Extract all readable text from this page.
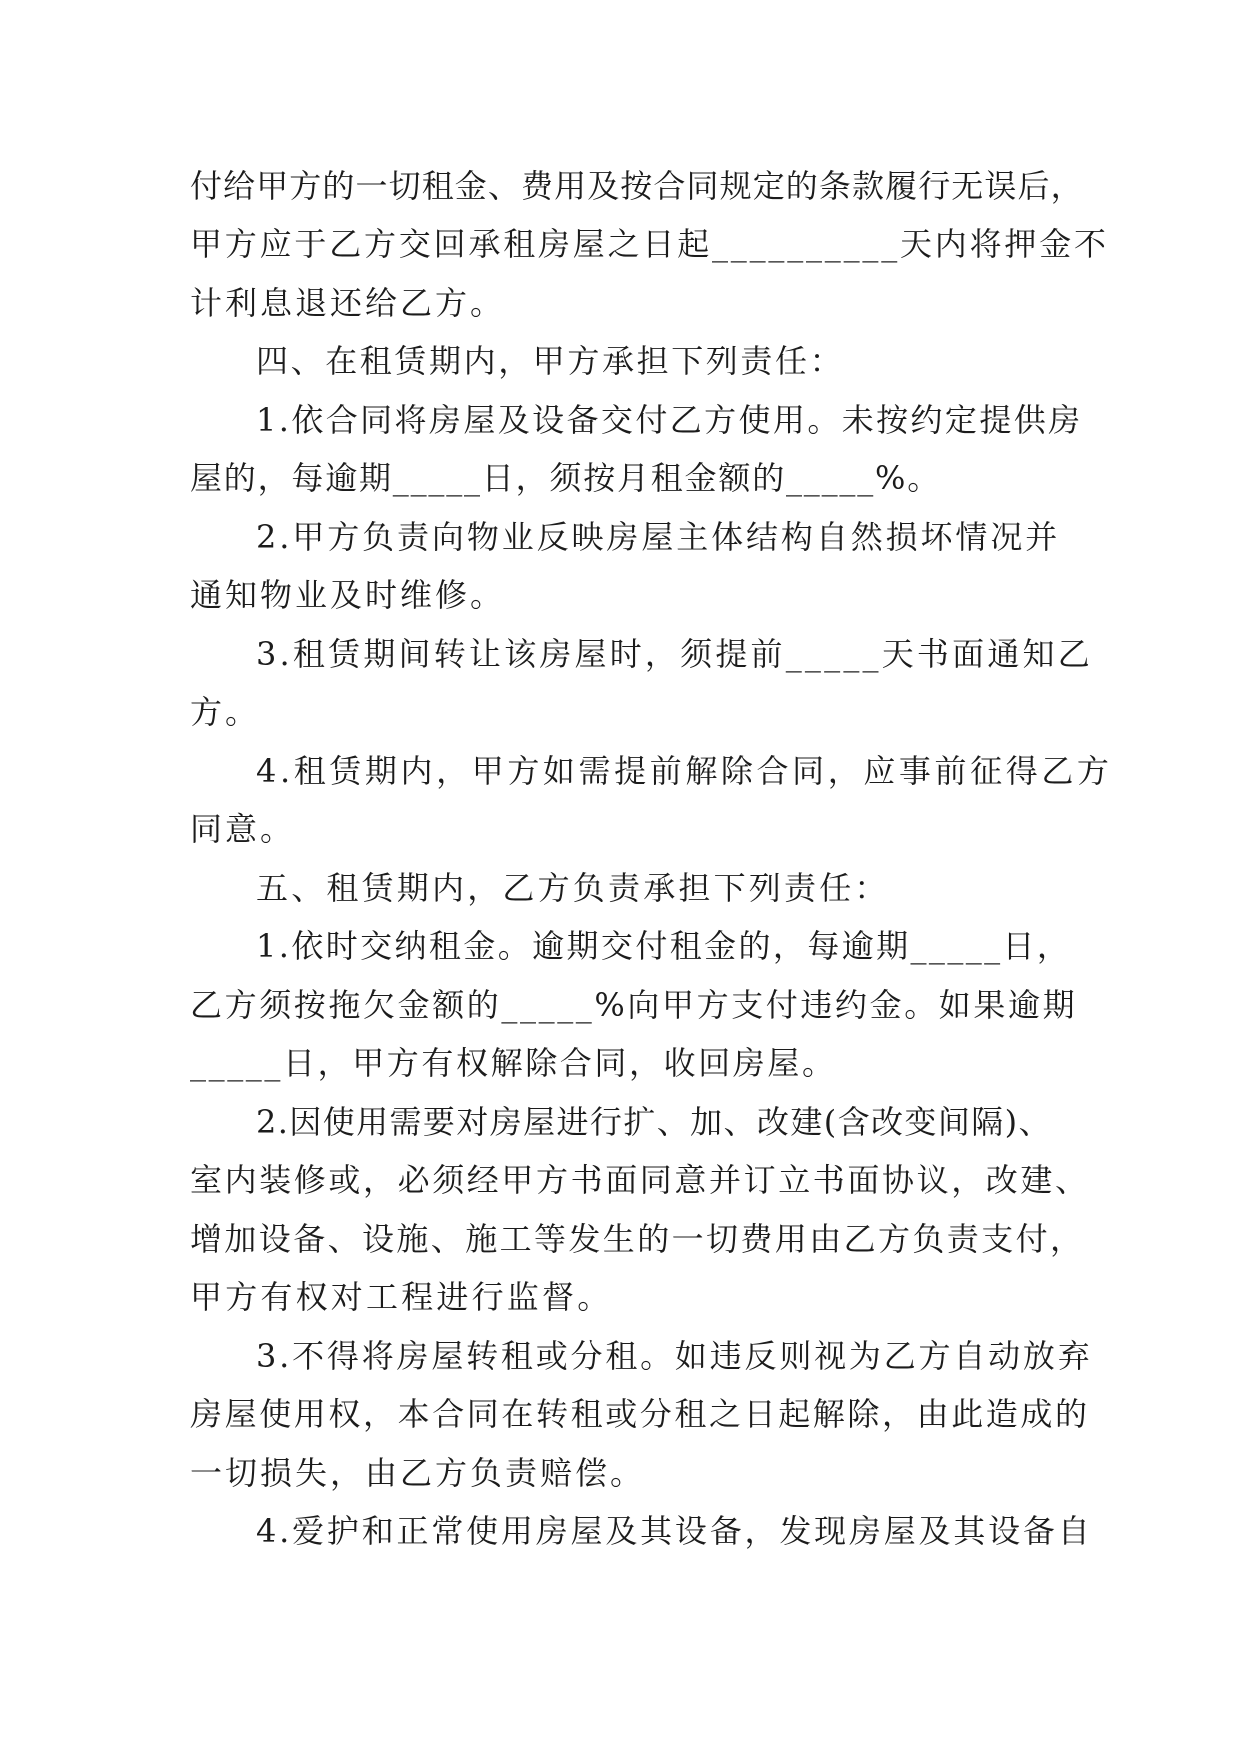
付给甲方的一切租金、费用及按合同规定的条款履行无误后，

甲方应于乙方交回承租房屋之日起__________天内将押金不

计利息退还给乙方。

四、在租赁期内，甲方承担下列责任：

1.依合同将房屋及设备交付乙方使用。未按约定提供房

屋的，每逾期_____日，须按月租金额的_____%。

2.甲方负责向物业反映房屋主体结构自然损坏情况并

通知物业及时维修。

3.租赁期间转让该房屋时，须提前_____天书面通知乙

方。

4.租赁期内，甲方如需提前解除合同，应事前征得乙方

同意。

五、租赁期内，乙方负责承担下列责任：

1.依时交纳租金。逾期交付租金的，每逾期_____日，

乙方须按拖欠金额的_____%向甲方支付违约金。如果逾期

_____日，甲方有权解除合同，收回房屋。

2.因使用需要对房屋进行扩、加、改建(含改变间隔)、

室内装修或，必须经甲方书面同意并订立书面协议，改建、

增加设备、设施、施工等发生的一切费用由乙方负责支付，

甲方有权对工程进行监督。

3.不得将房屋转租或分租。如违反则视为乙方自动放弃

房屋使用权，本合同在转租或分租之日起解除，由此造成的

一切损失，由乙方负责赔偿。

4.爱护和正常使用房屋及其设备，发现房屋及其设备自
